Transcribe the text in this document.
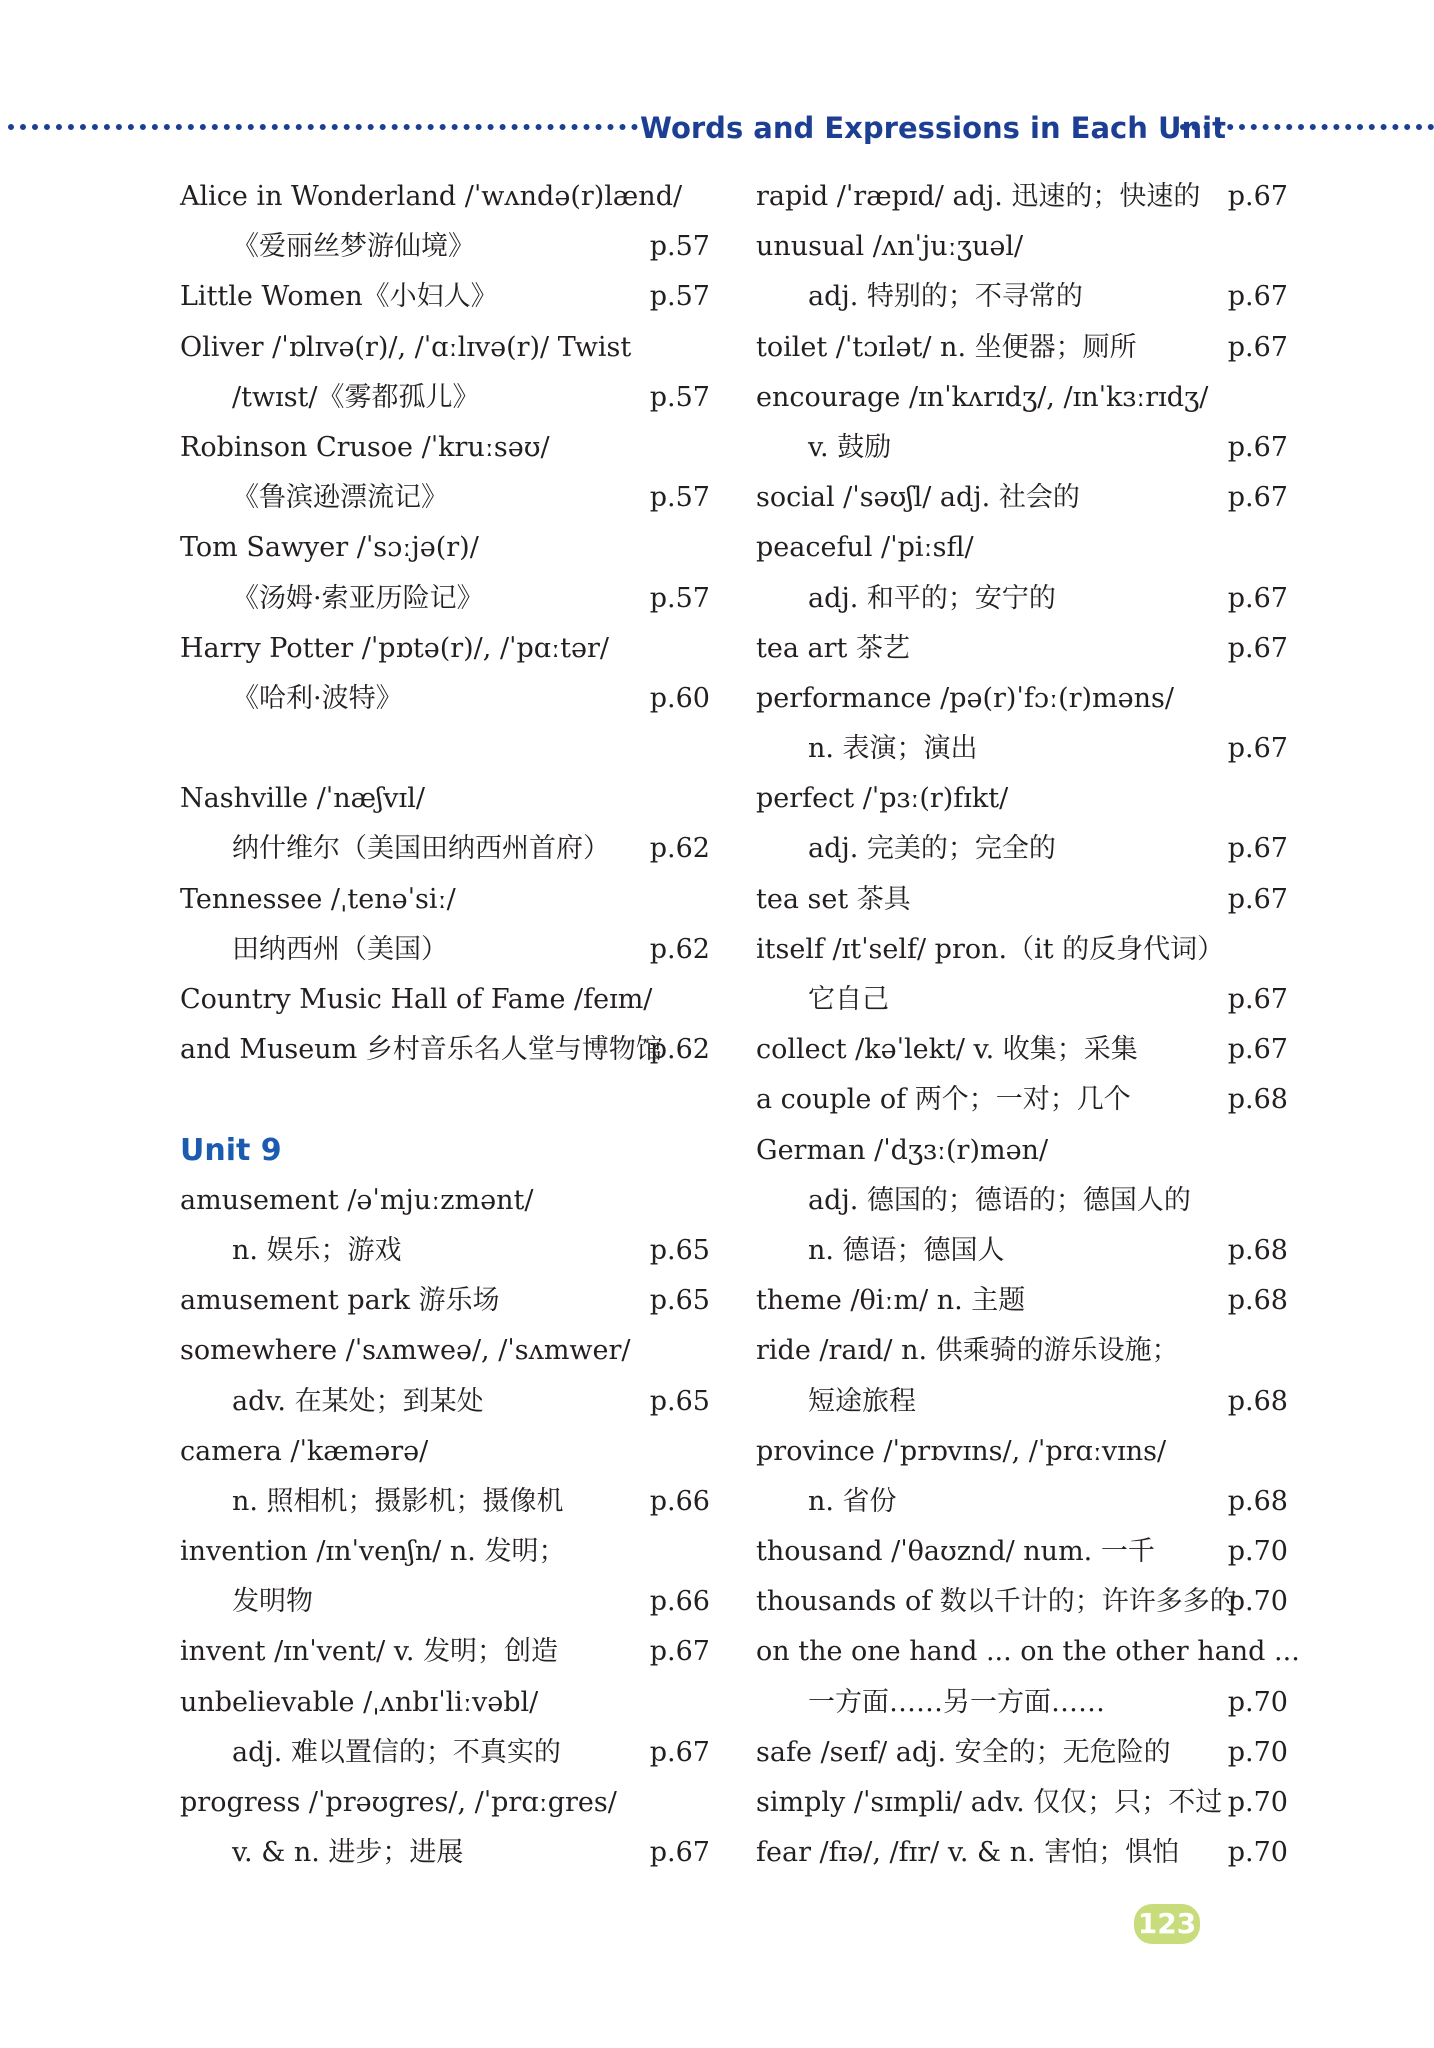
Words and Expressions in Each Unit
Alice in Wonderland /ˈwʌndə(r)lænd/
《爱丽丝梦游仙境》	p.57
Little Women《小妇人》	p.57
Oliver /ˈɒlɪvə(r)/, /ˈɑːlɪvə(r)/ Twist
/twɪst/《雾都孤儿》	p.57
Robinson Crusoe /ˈkruːsəʊ/
《鲁滨逊漂流记》	p.57
Tom Sawyer /ˈsɔːjə(r)/
《汤姆·索亚历险记》	p.57
Harry Potter /ˈpɒtə(r)/, /ˈpɑːtər/
《哈利·波特》	p.60
Nashville /ˈnæʃvɪl/
纳什维尔（美国田纳西州首府） p.62
Tennessee /ˌtenəˈsiː/
田纳西州（美国）	p.62
Country Music Hall of Fame /feɪm/
and Museum 乡村音乐名人堂与博物馆
p.62
Unit 9
amusement /əˈmjuːzmənt/
n. 娱乐；游戏	p.65
amusement park 游乐场	p.65
somewhere /ˈsʌmweə/, /ˈsʌmwer/
adv. 在某处；到某处	p.65
camera /ˈkæmərə/
n. 照相机；摄影机；摄像机	p.66
invention /ɪnˈvenʃn/ n. 发明；
发明物	p.66
invent /ɪnˈvent/ v. 发明；创造	p.67
unbelievable /ˌʌnbɪˈliːvəbl/
adj. 难以置信的；不真实的	p.67
progress /ˈprəʊgres/, /ˈprɑːgres/
v. & n. 进步；进展	p.67
rapid /ˈræpɪd/ adj. 迅速的；快速的 p.67
unusual /ʌnˈjuːʒuəl/
adj. 特别的；不寻常的	p.67
toilet /ˈtɔɪlət/ n. 坐便器；厕所	p.67
encourage /ɪnˈkʌrɪdʒ/, /ɪnˈkɜːrɪdʒ/
v. 鼓励	p.67
social /ˈsəʊʃl/ adj. 社会的	p.67
peaceful /ˈpiːsfl/
adj. 和平的；安宁的	p.67
tea art 茶艺	p.67
performance /pə(r)ˈfɔː(r)məns/
n. 表演；演出	p.67
perfect /ˈpɜː(r)fɪkt/
adj. 完美的；完全的	p.67
tea set 茶具	p.67
itself /ɪtˈself/ pron.（it 的反身代词）
它自己	p.67
collect /kəˈlekt/ v. 收集；采集	p.67
a couple of 两个；一对；几个	p.68
German /ˈdʒɜː(r)mən/
adj. 德国的；德语的；德国人的
n. 德语；德国人	p.68
theme /θiːm/ n. 主题	p.68
ride /raɪd/ n. 供乘骑的游乐设施；
短途旅程	p.68
province /ˈprɒvɪns/, /ˈprɑːvɪns/
n. 省份	p.68
thousand /ˈθaʊznd/ num. 一千	p.70
thousands of 数以千计的；许许多多的
p.70
on the one hand ... on the other hand ...
一方面……另一方面……	p.70
safe /seɪf/ adj. 安全的；无危险的 p.70
simply /ˈsɪmpli/ adv. 仅仅；只；不过 p.70
fear /fɪə/, /fɪr/ v. & n. 害怕；惧怕 p.70
123
